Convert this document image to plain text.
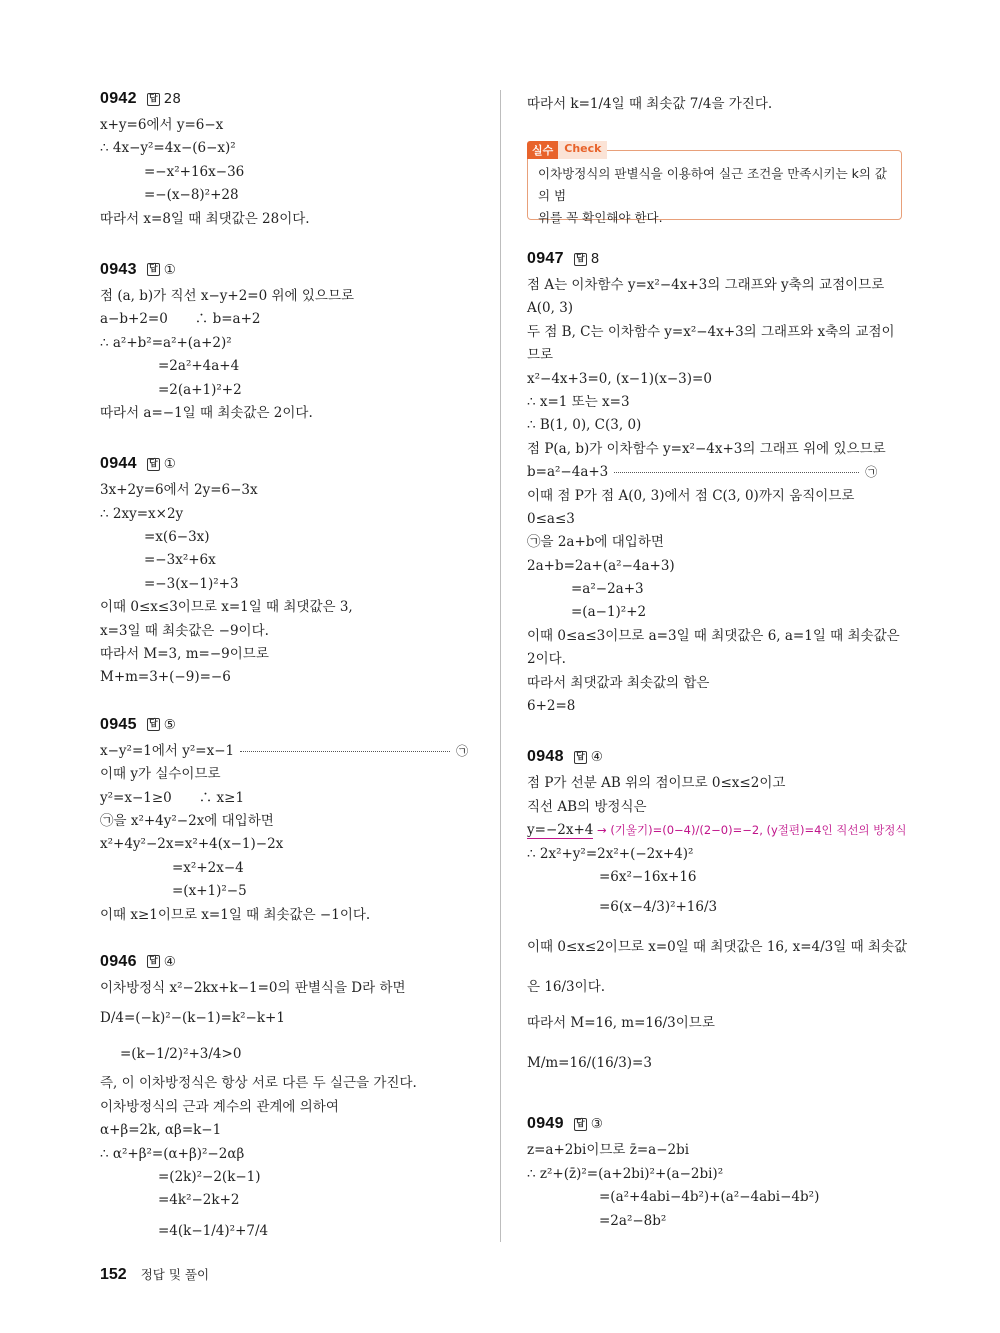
0942 답 28
x+y=6에서 y=6−x
∴ 4x−y²=4x−(6−x)²
=−x²+16x−36
=−(x−8)²+28
따라서 x=8일 때 최댓값은 28이다.
0943 답 ①
점 (a, b)가 직선 x−y+2=0 위에 있으므로
a−b+2=0　　∴ b=a+2
∴ a²+b²=a²+(a+2)²
=2a²+4a+4
=2(a+1)²+2
따라서 a=−1일 때 최솟값은 2이다.
0944 답 ①
3x+2y=6에서 2y=6−3x
∴ 2xy=x×2y
=x(6−3x)
=−3x²+6x
=−3(x−1)²+3
이때 0≤x≤3이므로 x=1일 때 최댓값은 3,
x=3일 때 최솟값은 −9이다.
따라서 M=3, m=−9이므로
M+m=3+(−9)=−6
0945 답 ⑤
x−y²=1에서 y²=x−1	㉠
이때 y가 실수이므로
y²=x−1≥0　　∴ x≥1
㉠을 x²+4y²−2x에 대입하면
x²+4y²−2x=x²+4(x−1)−2x
=x²+2x−4
=(x+1)²−5
이때 x≥1이므로 x=1일 때 최솟값은 −1이다.
0946 답 ④
이차방정식 x²−2kx+k−1=0의 판별식을 D라 하면
D/4=(−k)²−(k−1)=k²−k+1
=(k−1/2)²+3/4>0
즉, 이 이차방정식은 항상 서로 다른 두 실근을 가진다.
이차방정식의 근과 계수의 관계에 의하여
α+β=2k, αβ=k−1
∴ α²+β²=(α+β)²−2αβ
=(2k)²−2(k−1)
=4k²−2k+2
=4(k−1/4)²+7/4
따라서 k=1/4일 때 최솟값 7/4을 가진다.
실수	Check
이차방정식의 판별식을 이용하여 실근 조건을 만족시키는 k의 값의 범
위를 꼭 확인해야 한다.
0947 답 8
점 A는 이차함수 y=x²−4x+3의 그래프와 y축의 교점이므로
A(0, 3)
두 점 B, C는 이차함수 y=x²−4x+3의 그래프와 x축의 교점이
므로
x²−4x+3=0, (x−1)(x−3)=0
∴ x=1 또는 x=3
∴ B(1, 0), C(3, 0)
점 P(a, b)가 이차함수 y=x²−4x+3의 그래프 위에 있으므로
b=a²−4a+3	㉠
이때 점 P가 점 A(0, 3)에서 점 C(3, 0)까지 움직이므로
0≤a≤3
㉠을 2a+b에 대입하면
2a+b=2a+(a²−4a+3)
=a²−2a+3
=(a−1)²+2
이때 0≤a≤3이므로 a=3일 때 최댓값은 6, a=1일 때 최솟값은
2이다.
따라서 최댓값과 최솟값의 합은
6+2=8
0948 답 ④
점 P가 선분 AB 위의 점이므로 0≤x≤2이고
직선 AB의 방정식은
y=−2x+4 → (기울기)=(0−4)/(2−0)=−2, (y절편)=4인 직선의 방정식
∴ 2x²+y²=2x²+(−2x+4)²
=6x²−16x+16
=6(x−4/3)²+16/3
이때 0≤x≤2이므로 x=0일 때 최댓값은 16, x=4/3일 때 최솟값
은 16/3이다.
따라서 M=16, m=16/3이므로
M/m=16/(16/3)=3
0949 답 ③
z=a+2bi이므로 z̄=a−2bi
∴ z²+(z̄)²=(a+2bi)²+(a−2bi)²
=(a²+4abi−4b²)+(a²−4abi−4b²)
=2a²−8b²
152 정답 및 풀이
